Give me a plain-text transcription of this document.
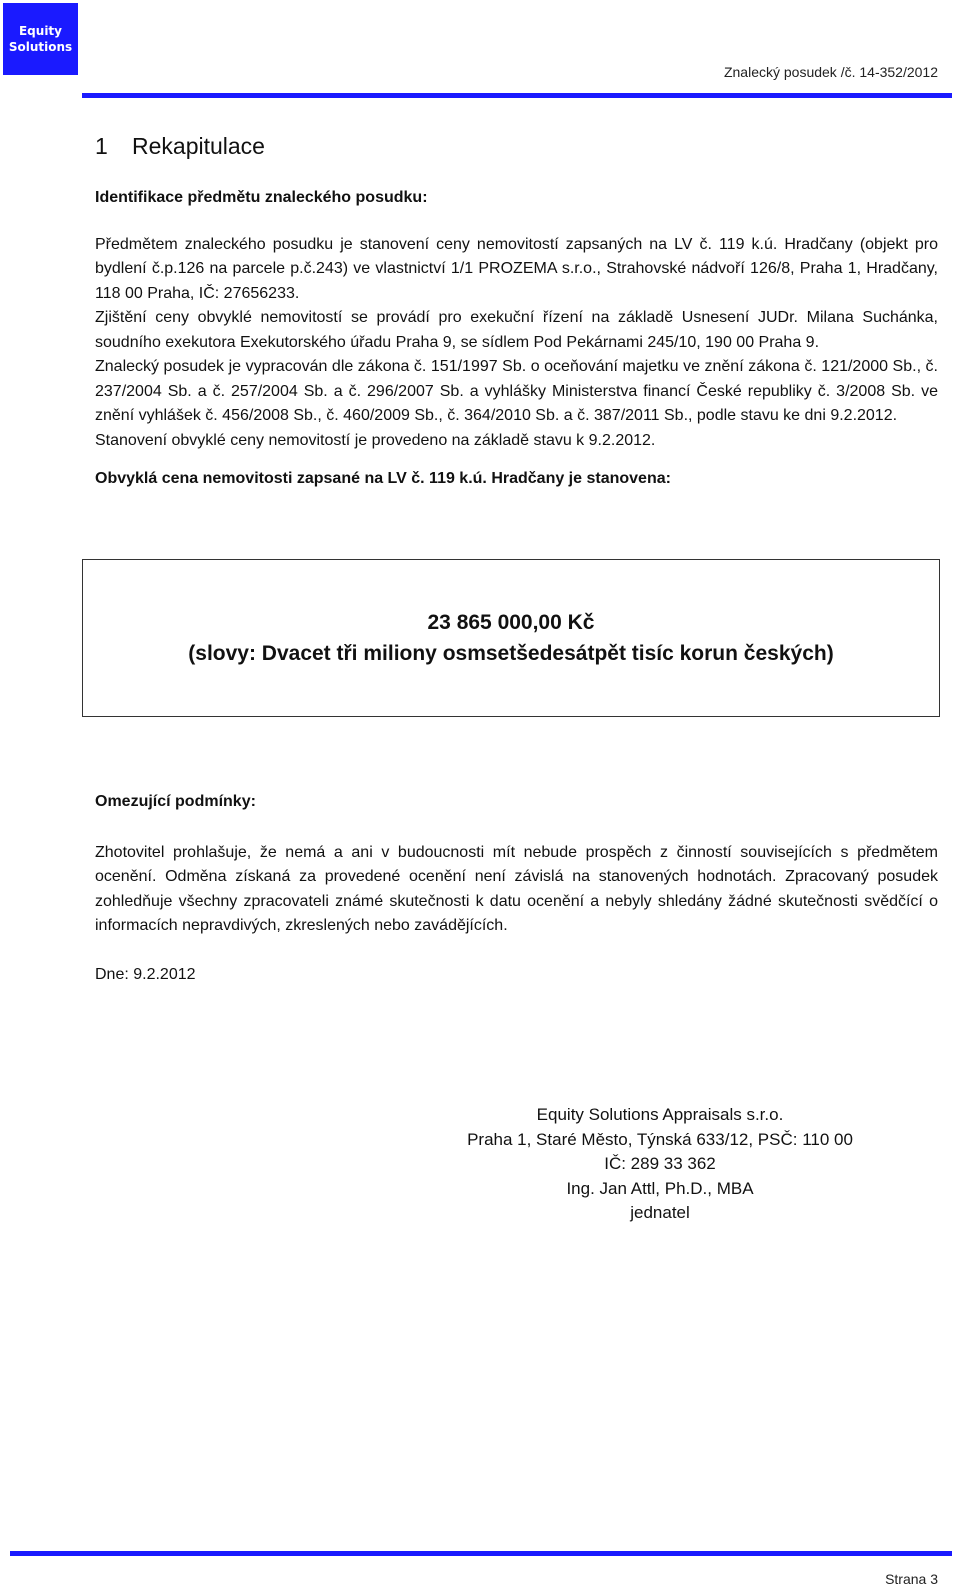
Equity
Solutions
Znalecký posudek /č. 14-352/2012
1 Rekapitulace

Identifikace předmětu znaleckého posudku:

Předmětem znaleckého posudku je stanovení ceny nemovitostí zapsaných na LV č. 119 k.ú. Hradčany (objekt pro bydlení č.p.126 na parcele p.č.243) ve vlastnictví 1/1 PROZEMA s.r.o., Strahovské nádvoří 126/8, Praha 1, Hradčany, 118 00 Praha, IČ: 27656233.

Zjištění ceny obvyklé nemovitostí se provádí pro exekuční řízení na základě Usnesení JUDr. Milana Suchánka, soudního exekutora Exekutorského úřadu Praha 9, se sídlem Pod Pekárnami 245/10, 190 00 Praha 9.

Znalecký posudek je vypracován dle zákona č. 151/1997 Sb. o oceňování majetku ve znění zákona č. 121/2000 Sb., č. 237/2004 Sb. a č. 257/2004 Sb. a č. 296/2007 Sb. a vyhlášky Ministerstva financí České republiky č. 3/2008 Sb. ve znění vyhlášek č. 456/2008 Sb., č. 460/2009 Sb., č. 364/2010 Sb. a č. 387/2011 Sb., podle stavu ke dni 9.2.2012.

Stanovení obvyklé ceny nemovitostí je provedeno na základě stavu k 9.2.2012.

Obvyklá cena nemovitosti zapsané na LV č. 119 k.ú. Hradčany je stanovena:

23 865 000,00 Kč
(slovy: Dvacet tři miliony osmsetšedesátpět tisíc korun českých)

Omezující podmínky:

Zhotovitel prohlašuje, že nemá a ani v budoucnosti mít nebude prospěch z činností souvisejících s předmětem ocenění. Odměna získaná za provedené ocenění není závislá na stanovených hodnotách. Zpracovaný posudek zohledňuje všechny zpracovateli známé skutečnosti k datu ocenění a nebyly shledány žádné skutečnosti svědčící o informacích nepravdivých, zkreslených nebo zavádějících.

Dne: 9.2.2012

Equity Solutions Appraisals s.r.o.
Praha 1, Staré Město, Týnská 633/12, PSČ: 110 00
IČ: 289 33 362
Ing. Jan Attl, Ph.D., MBA
jednatel
Strana 3
